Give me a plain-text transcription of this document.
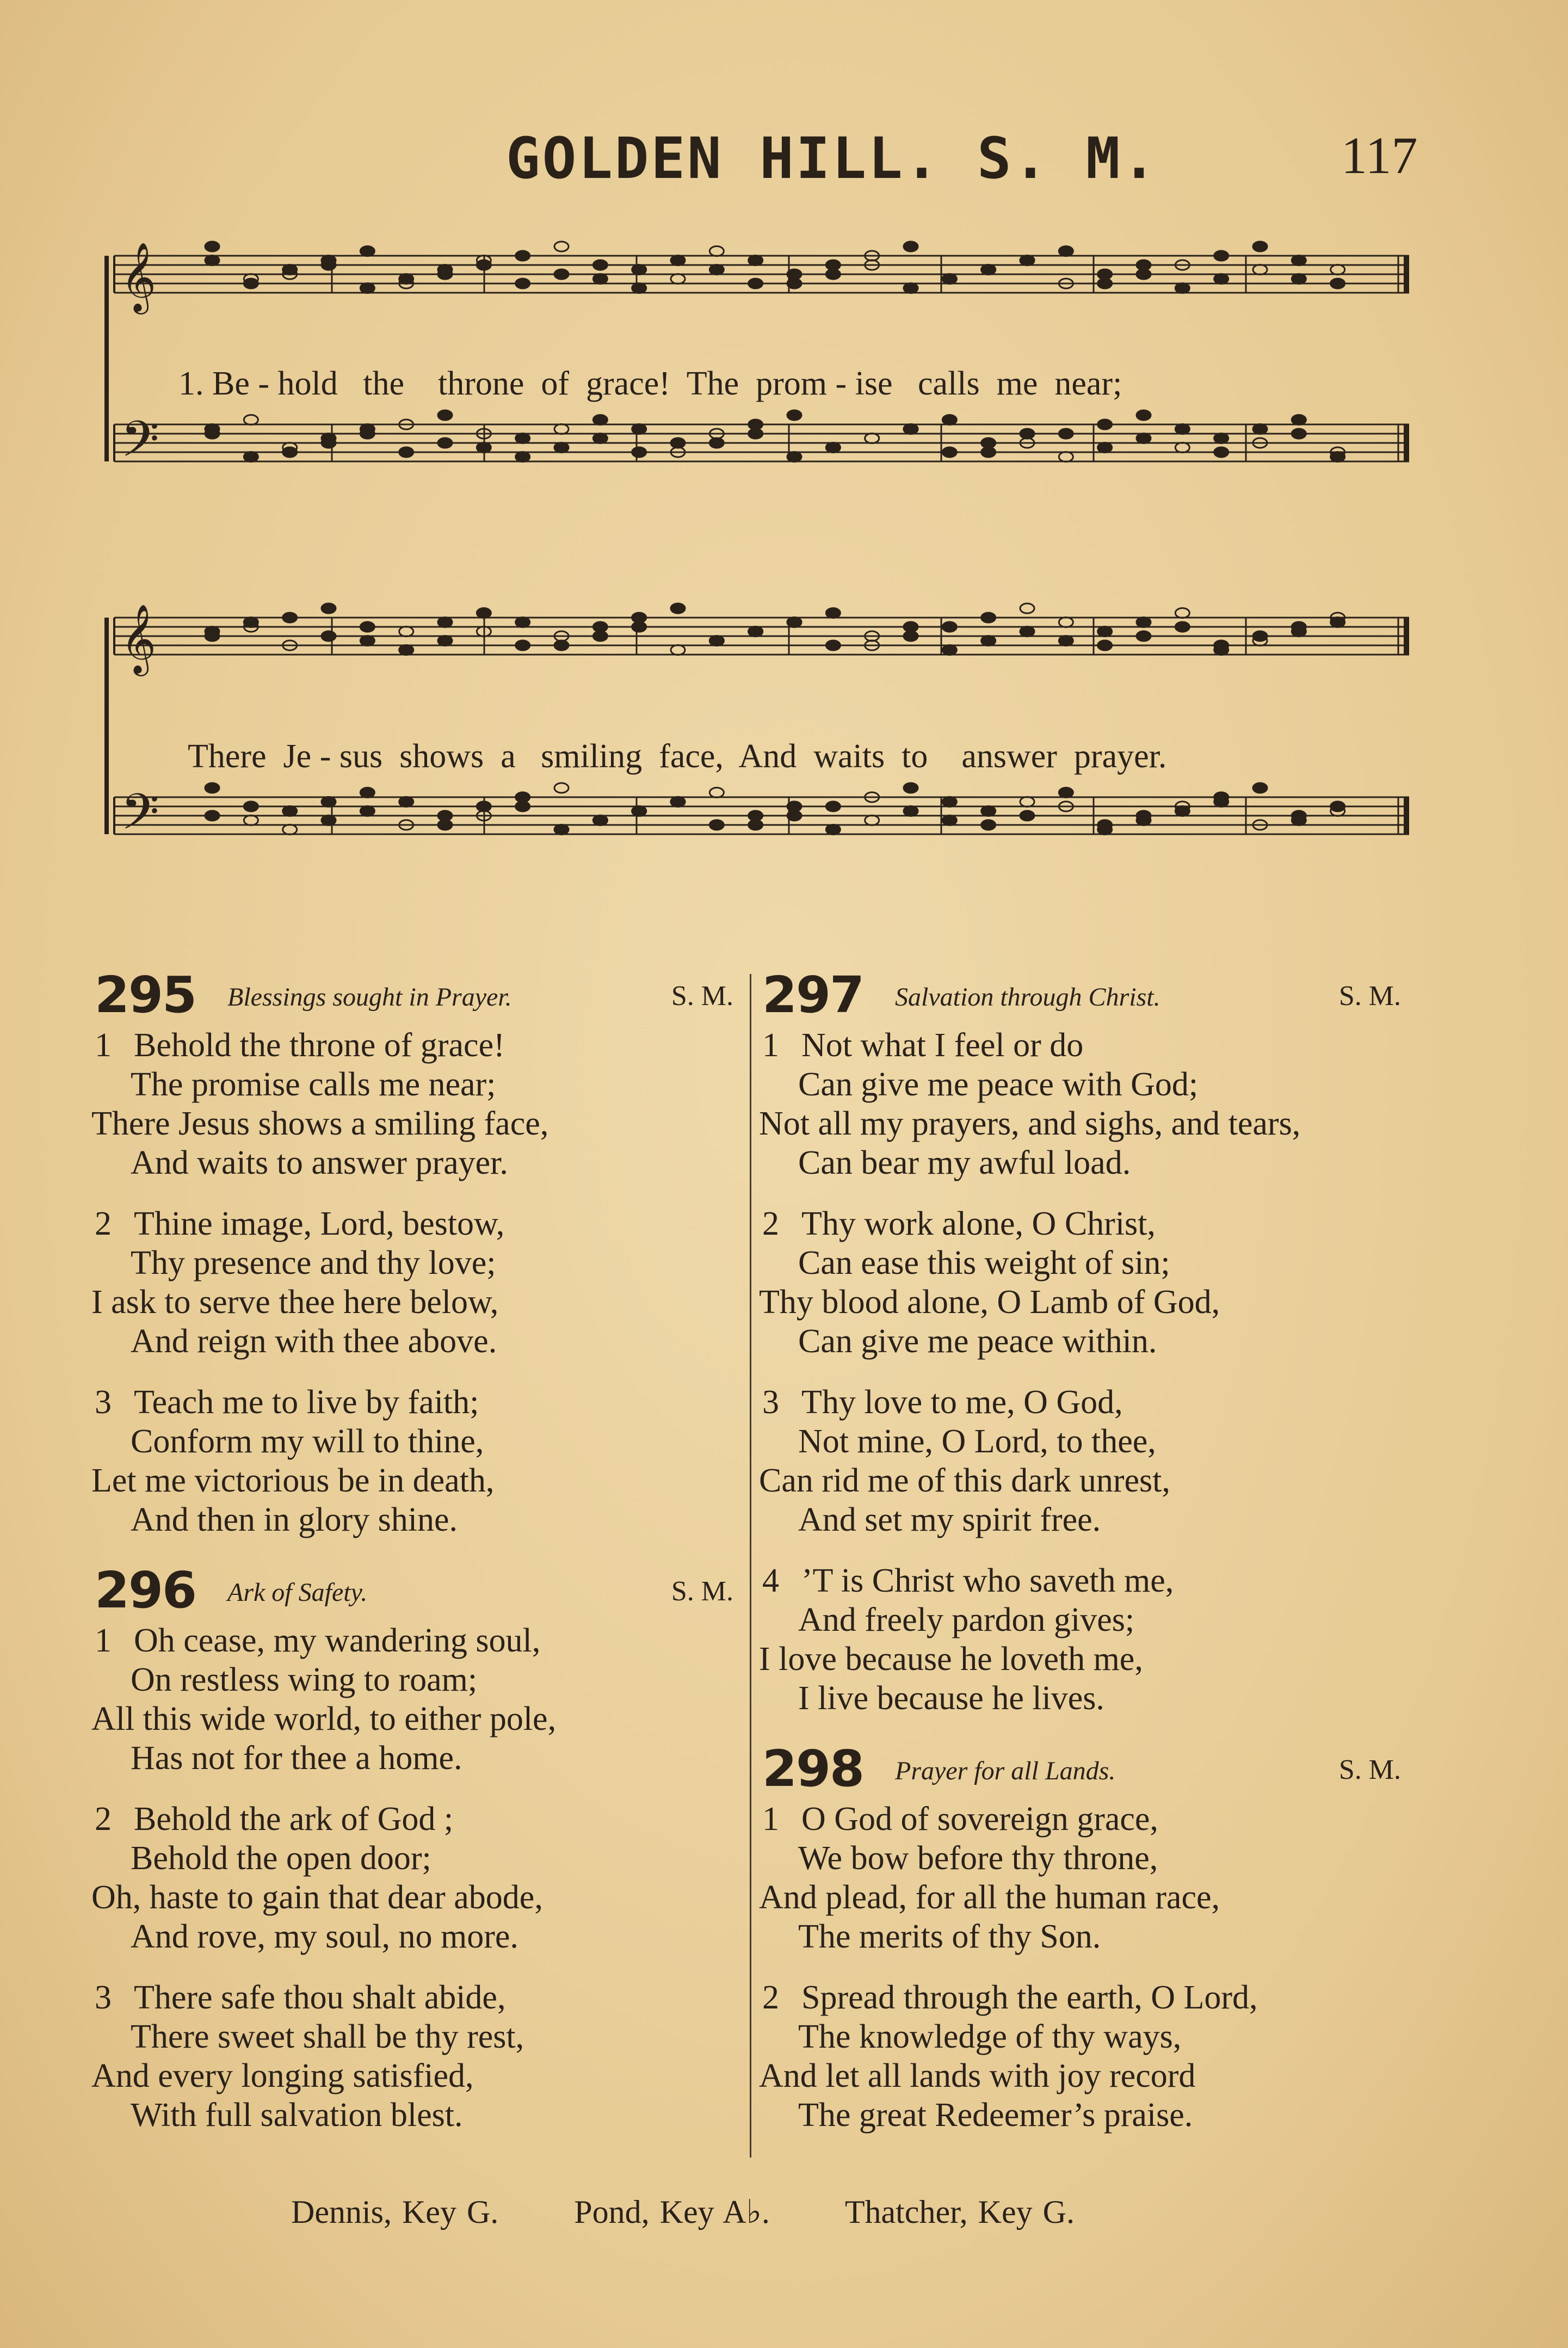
GOLDEN HILL. S. M.	117
𝄞
𝄢
𝄞
𝄢
1. Be - hold   the    throne  of  grace!  The  prom - ise   calls  me  near;
There  Je - sus  shows  a   smiling  face,  And  waits  to    answer  prayer.
295 Blessings sought in Prayer.	S. M.
1 Behold the throne of grace!
The promise calls me near;
There Jesus shows a smiling face,
And waits to answer prayer.
2 Thine image, Lord, bestow,
Thy presence and thy love;
I ask to serve thee here below,
And reign with thee above.
3 Teach me to live by faith;
Conform my will to thine,
Let me victorious be in death,
And then in glory shine.
296 Ark of Safety.	S. M.
1 Oh cease, my wandering soul,
On restless wing to roam;
All this wide world, to either pole,
Has not for thee a home.
2 Behold the ark of God ;
Behold the open door;
Oh, haste to gain that dear abode,
And rove, my soul, no more.
3 There safe thou shalt abide,
There sweet shall be thy rest,
And every longing satisfied,
With full salvation blest.
297 Salvation through Christ.	S. M.
1 Not what I feel or do
Can give me peace with God;
Not all my prayers, and sighs, and tears,
Can bear my awful load.
2 Thy work alone, O Christ,
Can ease this weight of sin;
Thy blood alone, O Lamb of God,
Can give me peace within.
3 Thy love to me, O God,
Not mine, O Lord, to thee,
Can rid me of this dark unrest,
And set my spirit free.
4 ’T is Christ who saveth me,
And freely pardon gives;
I love because he loveth me,
I live because he lives.
298 Prayer for all Lands.	S. M.
1 O God of sovereign grace,
We bow before thy throne,
And plead, for all the human race,
The merits of thy Son.
2 Spread through the earth, O Lord,
The knowledge of thy ways,
And let all lands with joy record
The great Redeemer’s praise.
Dennis, Key G. Pond, Key A♭. Thatcher, Key G.
